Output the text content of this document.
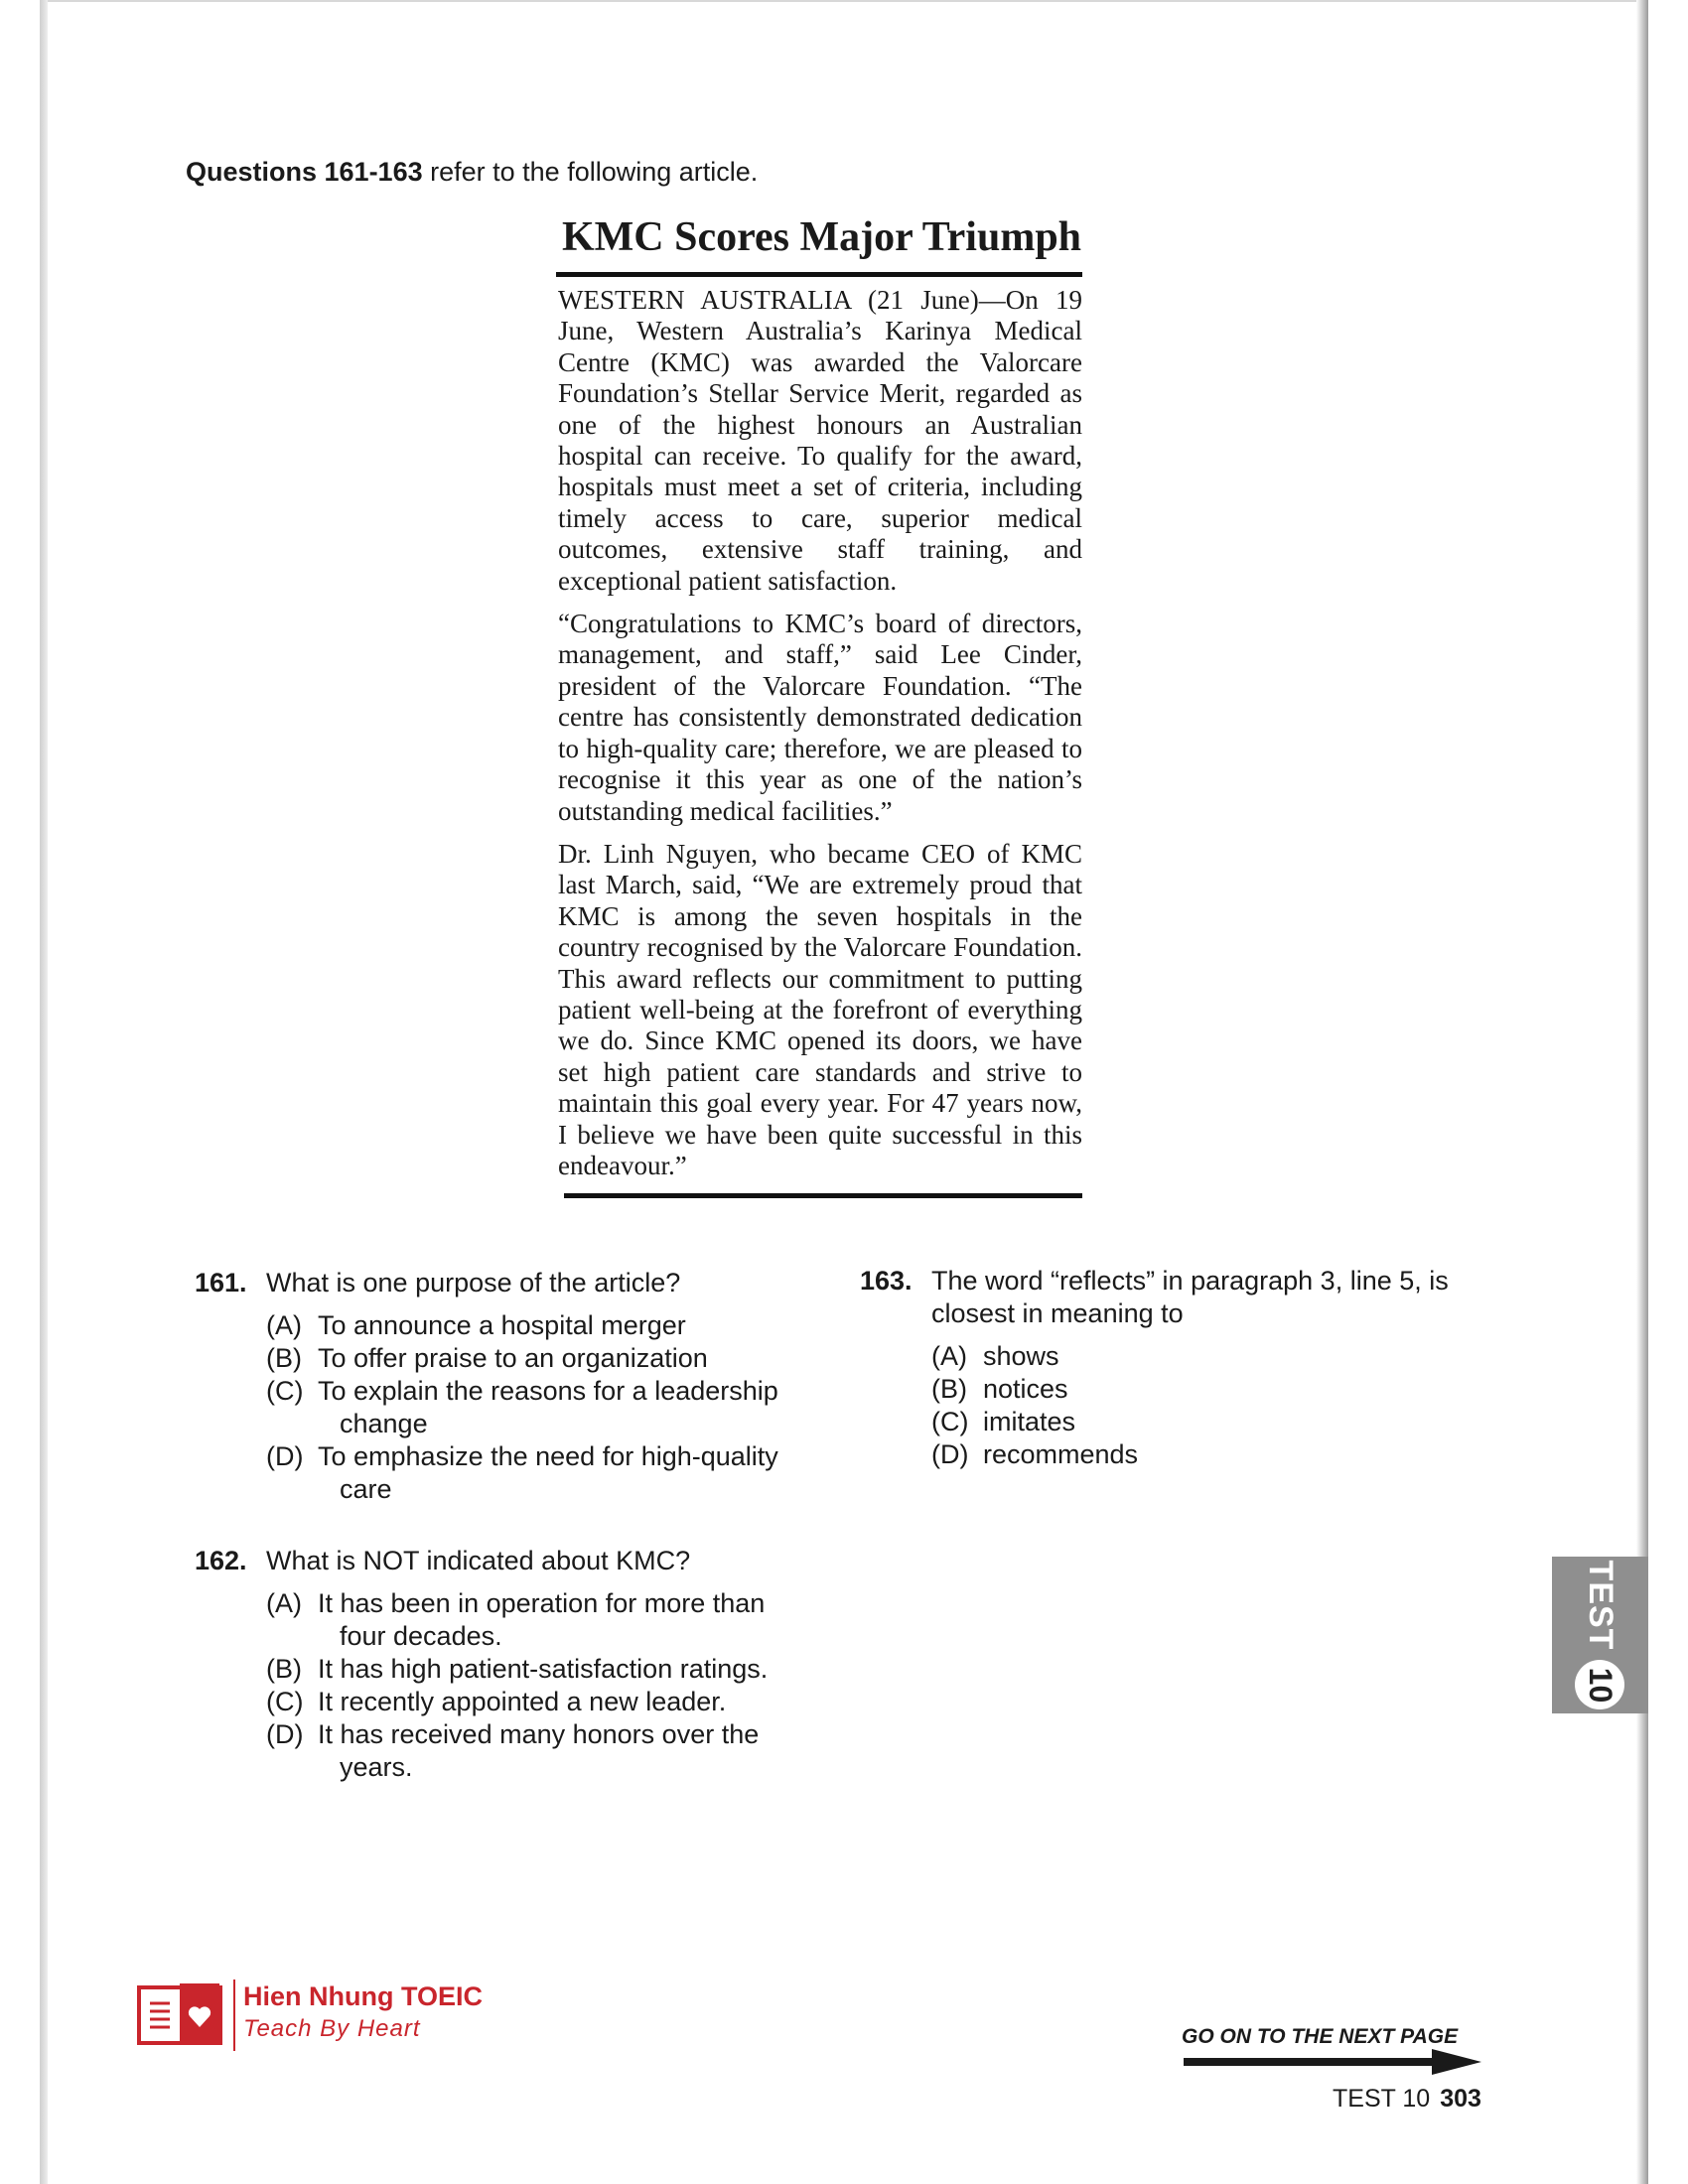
Questions 161-163 refer to the following article.
KMC Scores Major Triumph

WESTERN AUSTRALIA (21 June)—On 19 June, Western Australia’s Karinya Medical Centre (KMC) was awarded the Valorcare Foundation’s Stellar Service Merit, regarded as one of the highest honours an Australian hospital can receive. To qualify for the award, hospitals must meet a set of criteria, including timely access to care, superior medical outcomes, extensive staff training, and exceptional patient satisfaction.

“Congratulations to KMC’s board of directors, management, and staff,” said Lee Cinder, president of the Valorcare Foundation. “The centre has consistently demonstrated dedication to high-quality care; therefore, we are pleased to recognise it this year as one of the nation’s outstanding medical facilities.”

Dr. Linh Nguyen, who became CEO of KMC last March, said, “We are extremely proud that KMC is among the seven hospitals in the country recognised by the Valorcare Foundation. This award reflects our commitment to putting patient well-being at the forefront of everything we do. Since KMC opened its doors, we have set high patient care standards and strive to maintain this goal every year. For 47 years now, I believe we have been quite successful in this endeavour.”

161. What is one purpose of the article?
(A) To announce a hospital merger
(B) To offer praise to an organization
(C) To explain the reasons for a leadership
change
(D) To emphasize the need for high-quality
care
162. What is NOT indicated about KMC?
(A) It has been in operation for more than
four decades.
(B) It has high patient-satisfaction ratings.
(C) It recently appointed a new leader.
(D) It has received many honors over the
years.
163. The word “reflects” in paragraph 3, line 5, is closest in meaning to
(A) shows
(B) notices
(C) imitates
(D) recommends
TEST
10
Hien Nhung TOEIC
Teach By Heart	GO ON TO THE NEXT PAGE
TEST 10 303
